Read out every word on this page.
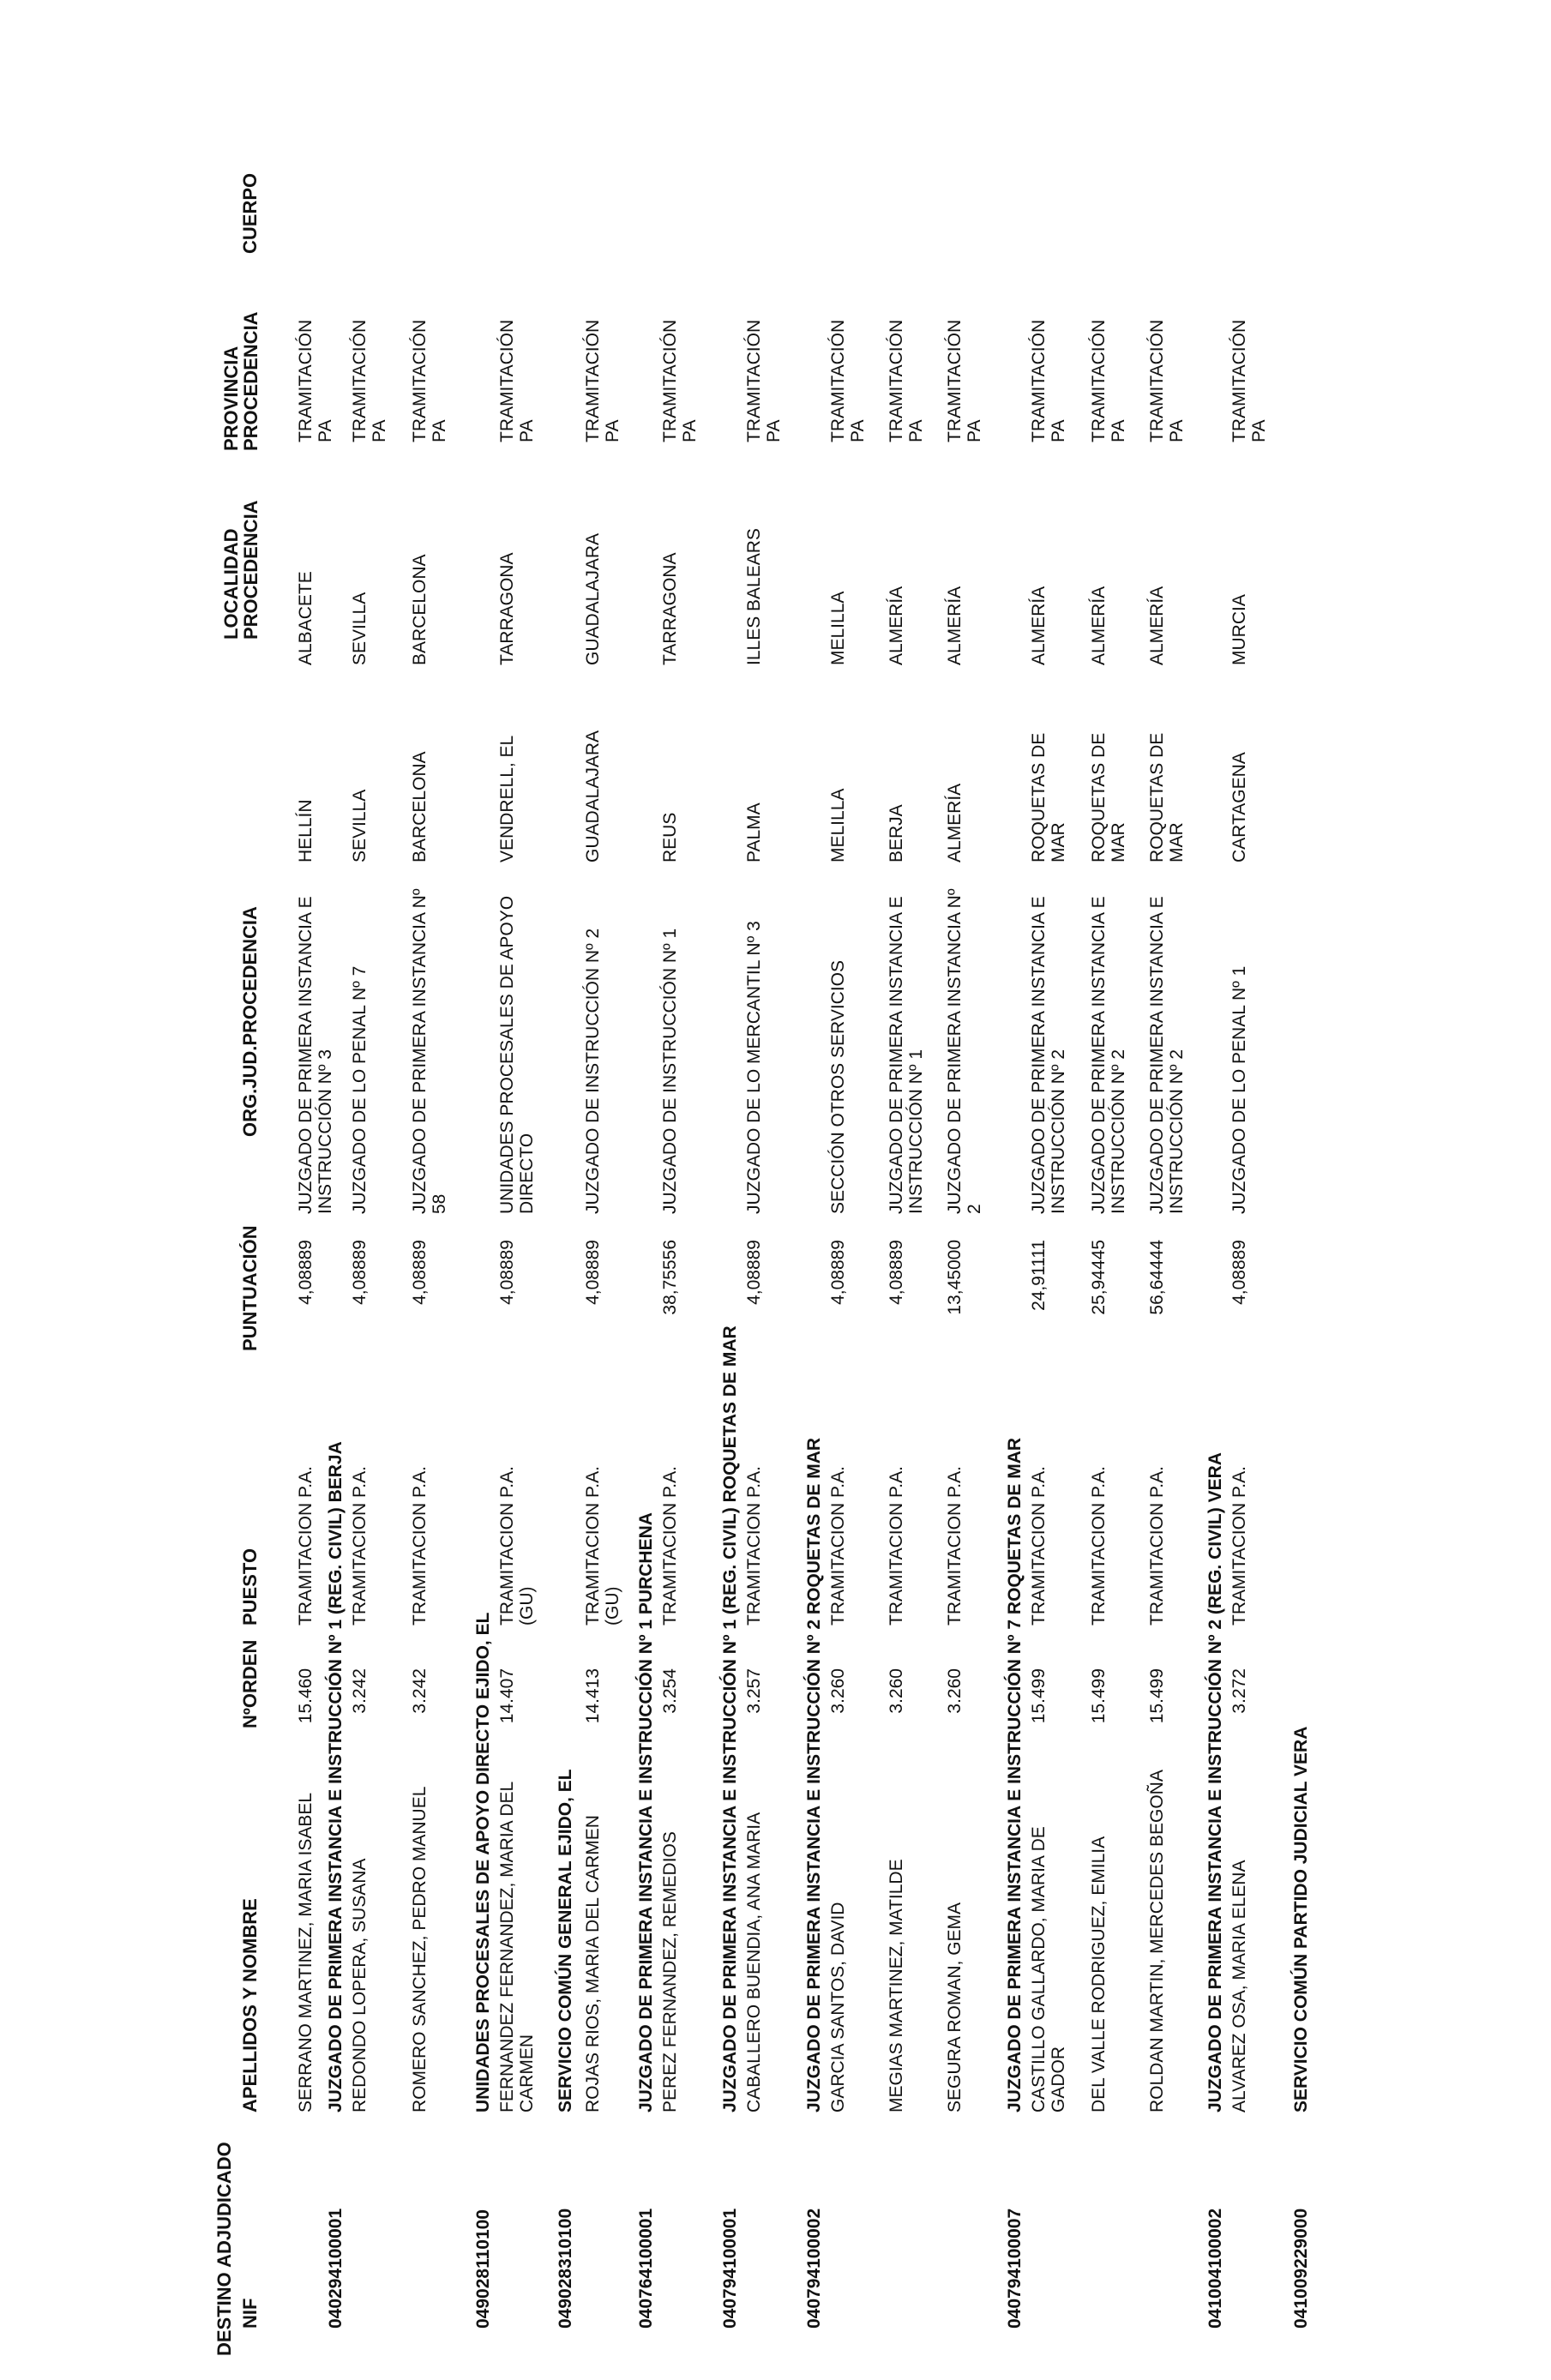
DESTINO ADJUDICADO NIF
APELLIDOS Y NOMBRE
NºORDEN
PUESTO
PUNTUACIÓN
ORG.JUD.PROCEDENCIA
LOCALIDAD PROCEDENCIA
PROVINCIA PROCEDENCIA
CUERPO
SERRANO MARTINEZ, MARIA ISABEL
15.460
TRAMITACION P.A.
4,08889
JUZGADO DE PRIMERA INSTANCIA E INSTRUCCIÓN Nº 3
HELLÍN
ALBACETE
TRAMITACIÓN PA
040294100001
JUZGADO DE PRIMERA INSTANCIA E INSTRUCCIÓN Nº 1 (REG. CIVIL) BERJA REDONDO LOPERA, SUSANA
3.242
TRAMITACION P.A.
4,08889
JUZGADO DE LO PENAL Nº 7
SEVILLA
SEVILLA
TRAMITACIÓN PA
ROMERO SANCHEZ, PEDRO MANUEL
3.242
TRAMITACION P.A.
4,08889
JUZGADO DE PRIMERA INSTANCIA Nº 58
BARCELONA
BARCELONA
TRAMITACIÓN PA
049028110100
UNIDADES PROCESALES DE APOYO DIRECTO EJIDO, EL FERNANDEZ FERNANDEZ, MARIA DEL CARMEN
14.407
TRAMITACION P.A. (GU)
4,08889
UNIDADES PROCESALES DE APOYO DIRECTO
VENDRELL, EL
TARRAGONA
TRAMITACIÓN PA
049028310100
SERVICIO COMÚN GENERAL EJIDO, EL ROJAS RIOS, MARIA DEL CARMEN
14.413
TRAMITACION P.A. (GU)
4,08889
JUZGADO DE INSTRUCCIÓN Nº 2
GUADALAJARA
GUADALAJARA
TRAMITACIÓN PA
040764100001
JUZGADO DE PRIMERA INSTANCIA E INSTRUCCIÓN Nº 1 PURCHENA PEREZ FERNANDEZ, REMEDIOS
3.254
TRAMITACION P.A.
38,75556
JUZGADO DE INSTRUCCIÓN Nº 1
REUS
TARRAGONA
TRAMITACIÓN PA
040794100001
JUZGADO DE PRIMERA INSTANCIA E INSTRUCCIÓN Nº 1 (REG. CIVIL) ROQUETAS DE MAR CABALLERO BUENDIA, ANA MARIA
3.257
TRAMITACION P.A.
4,08889
JUZGADO DE LO MERCANTIL Nº 3
PALMA
ILLES BALEARS
TRAMITACIÓN PA
040794100002
JUZGADO DE PRIMERA INSTANCIA E INSTRUCCIÓN Nº 2 ROQUETAS DE MAR GARCIA SANTOS, DAVID
3.260
TRAMITACION P.A.
4,08889
SECCIÓN OTROS SERVICIOS
MELILLA
MELILLA
TRAMITACIÓN PA
MEGIAS MARTINEZ, MATILDE
3.260
TRAMITACION P.A.
4,08889
JUZGADO DE PRIMERA INSTANCIA E INSTRUCCIÓN Nº 1
BERJA
ALMERÍA
TRAMITACIÓN PA
SEGURA ROMAN, GEMA
3.260
TRAMITACION P.A.
13,45000
JUZGADO DE PRIMERA INSTANCIA Nº 2
ALMERÍA
ALMERÍA
TRAMITACIÓN PA
040794100007
JUZGADO DE PRIMERA INSTANCIA E INSTRUCCIÓN Nº 7 ROQUETAS DE MAR CASTILLO GALLARDO, MARIA DE GADOR
15.499
TRAMITACION P.A.
24,91111
JUZGADO DE PRIMERA INSTANCIA E INSTRUCCIÓN Nº 2
ROQUETAS DE MAR
ALMERÍA
TRAMITACIÓN PA
DEL VALLE RODRIGUEZ, EMILIA
15.499
TRAMITACION P.A.
25,94445
JUZGADO DE PRIMERA INSTANCIA E INSTRUCCIÓN Nº 2
ROQUETAS DE MAR
ALMERÍA
TRAMITACIÓN PA
ROLDAN MARTIN, MERCEDES BEGOÑA
15.499
TRAMITACION P.A.
56,64444
JUZGADO DE PRIMERA INSTANCIA E INSTRUCCIÓN Nº 2
ROQUETAS DE MAR
ALMERÍA
TRAMITACIÓN PA
041004100002
JUZGADO DE PRIMERA INSTANCIA E INSTRUCCIÓN Nº 2 (REG. CIVIL) VERA ALVAREZ OSA, MARIA ELENA
3.272
TRAMITACION P.A.
4,08889
JUZGADO DE LO PENAL Nº 1
CARTAGENA
MURCIA
TRAMITACIÓN PA
041009229000
SERVICIO COMÚN PARTIDO JUDICIAL VERA
